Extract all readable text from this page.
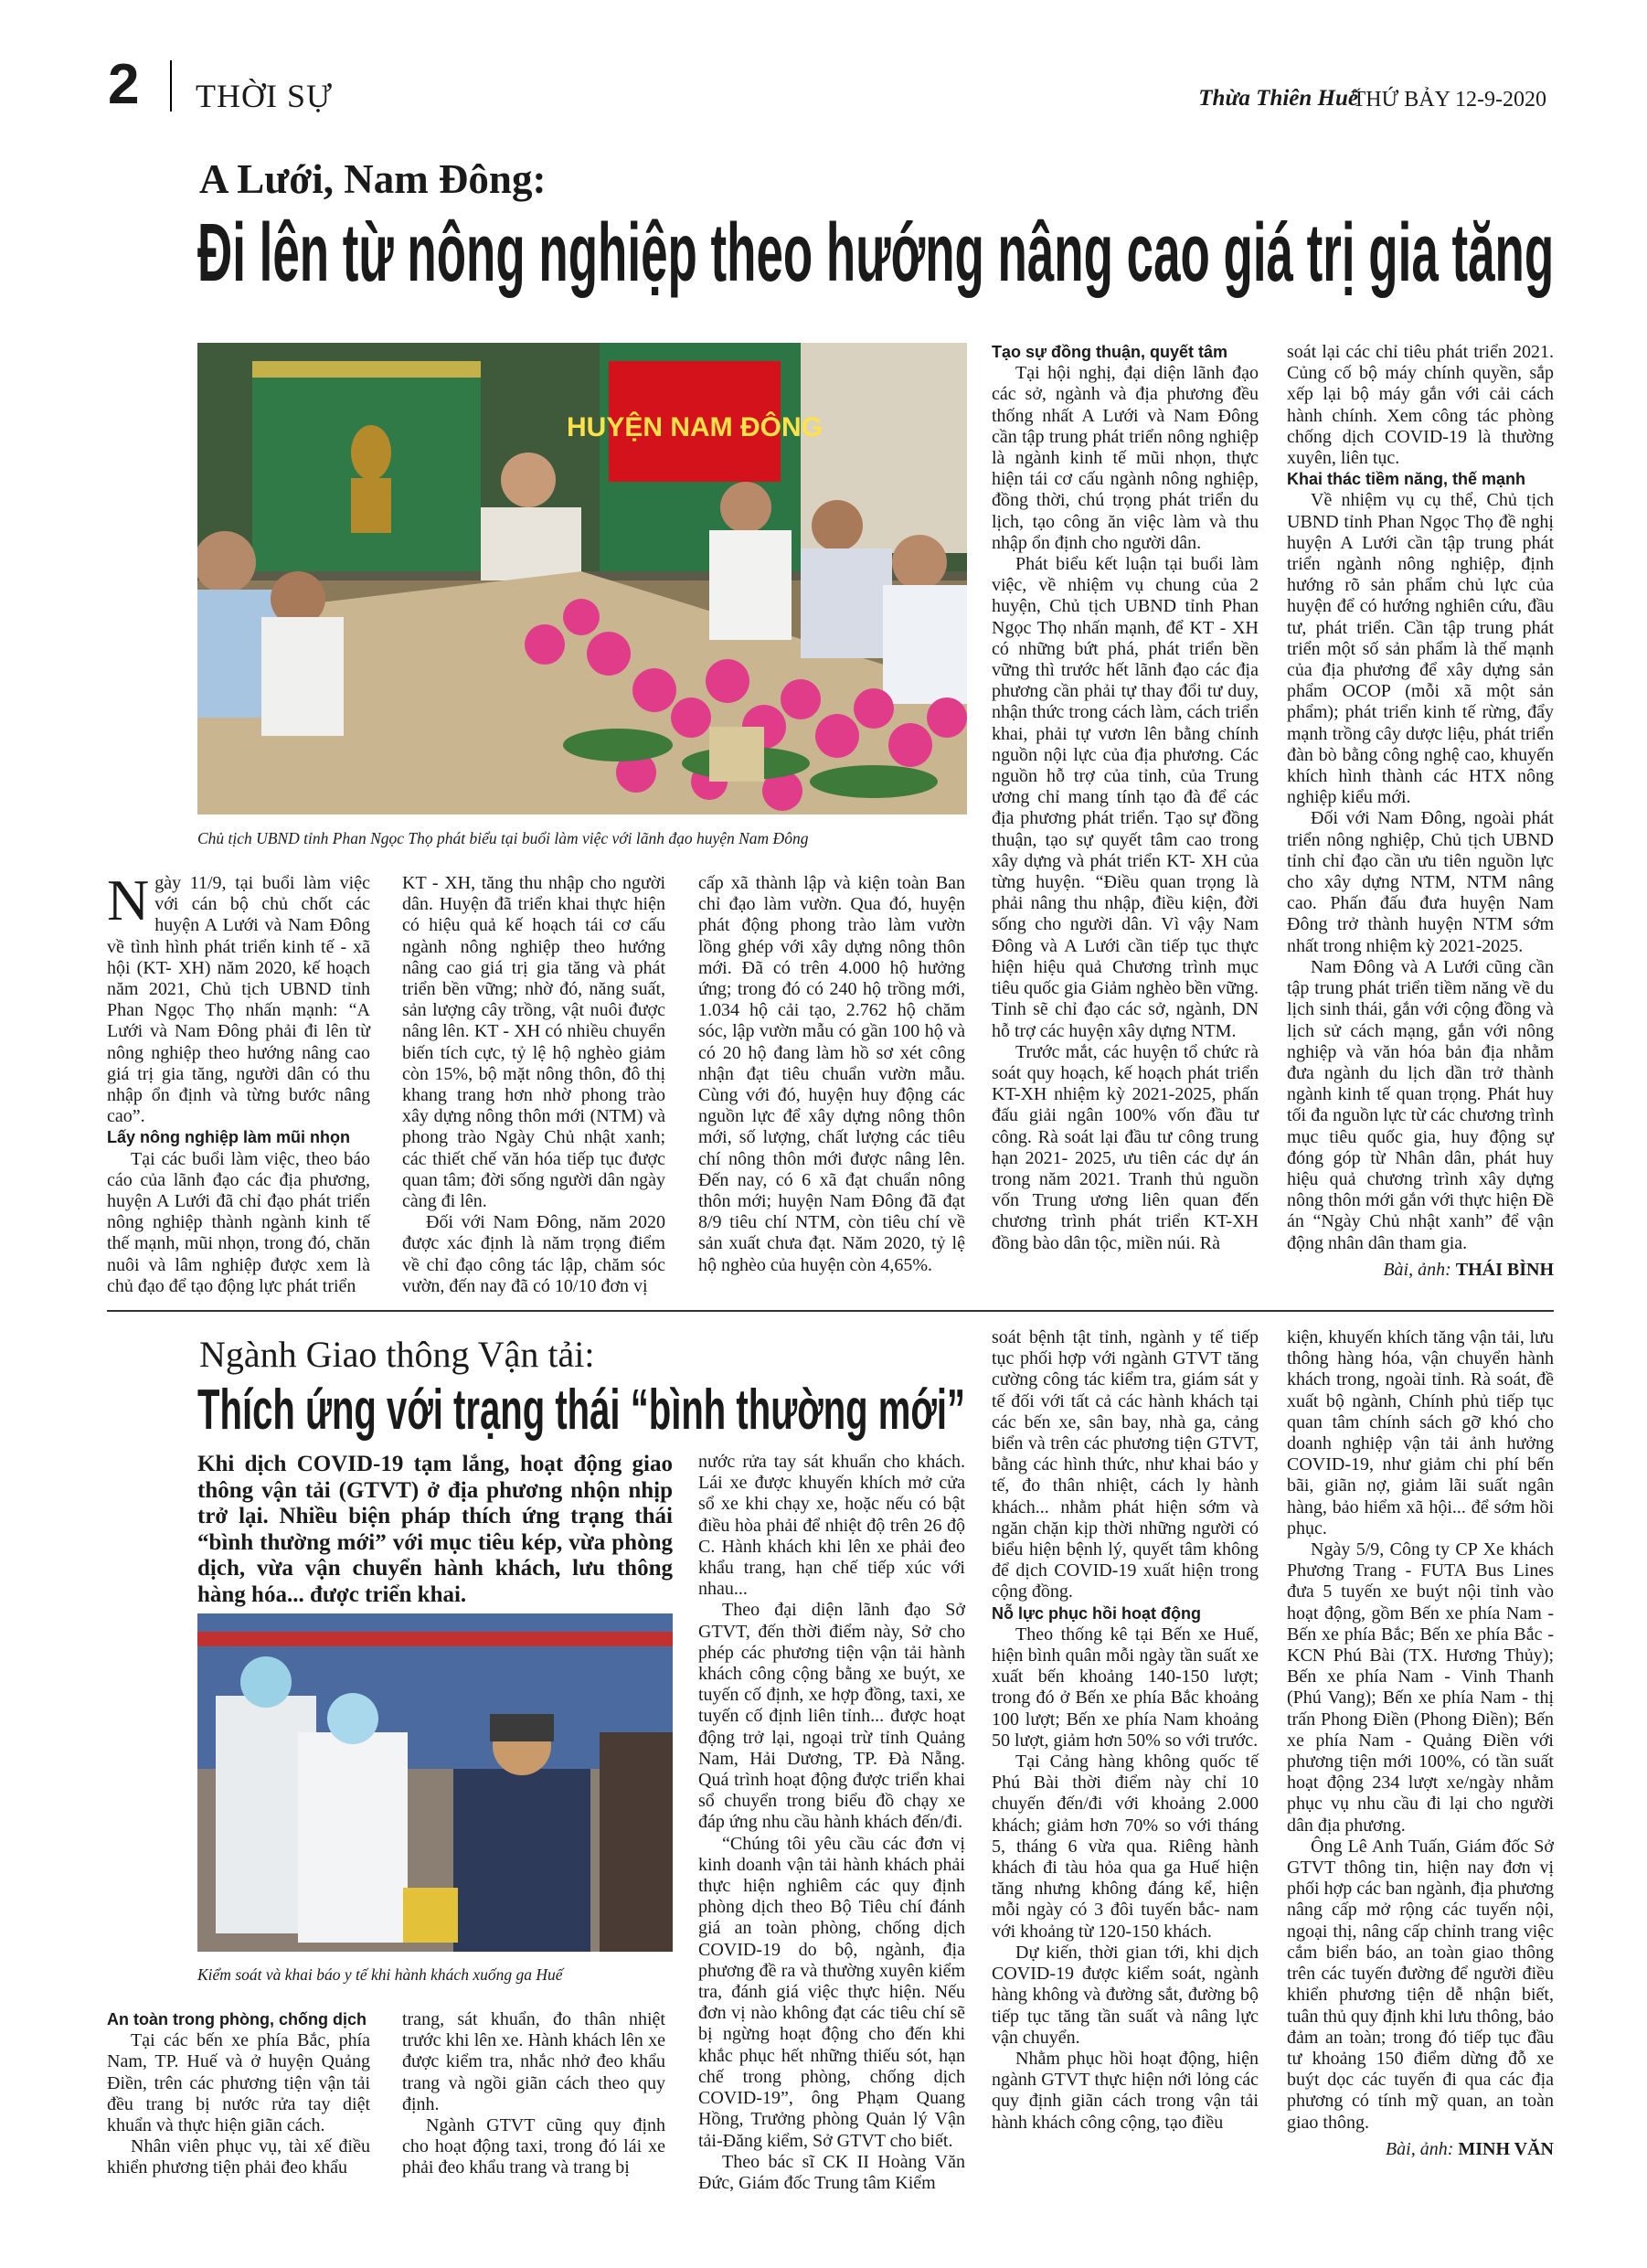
2 THỜI SỰ	Thừa Thiên Huế
THỨ BẢY 12-9-2020
A Lưới, Nam Đông:
Đi lên từ nông nghiệp theo hướng nâng cao giá trị gia tăng
HUYỆN NAM ĐÔNG
Chủ tịch UBND tỉnh Phan Ngọc Thọ phát biểu tại buổi làm việc với lãnh đạo huyện Nam Đông

Ngày 11/9, tại buổi làm việc với cán bộ chủ chốt các huyện A Lưới và Nam Đông về tình hình phát triển kinh tế - xã hội (KT- XH) năm 2020, kế hoạch năm 2021, Chủ tịch UBND tỉnh Phan Ngọc Thọ nhấn mạnh: “A Lưới và Nam Đông phải đi lên từ nông nghiệp theo hướng nâng cao giá trị gia tăng, người dân có thu nhập ổn định và từng bước nâng cao”.

Lấy nông nghiệp làm mũi nhọn

Tại các buổi làm việc, theo báo cáo của lãnh đạo các địa phương, huyện A Lưới đã chỉ đạo phát triển nông nghiệp thành ngành kinh tế thế mạnh, mũi nhọn, trong đó, chăn nuôi và lâm nghiệp được xem là chủ đạo để tạo động lực phát triển

KT - XH, tăng thu nhập cho người dân. Huyện đã triển khai thực hiện có hiệu quả kế hoạch tái cơ cấu ngành nông nghiệp theo hướng nâng cao giá trị gia tăng và phát triển bền vững; nhờ đó, năng suất, sản lượng cây trồng, vật nuôi được nâng lên. KT - XH có nhiều chuyển biến tích cực, tỷ lệ hộ nghèo giảm còn 15%, bộ mặt nông thôn, đô thị khang trang hơn nhờ phong trào xây dựng nông thôn mới (NTM) và phong trào Ngày Chủ nhật xanh; các thiết chế văn hóa tiếp tục được quan tâm; đời sống người dân ngày càng đi lên.

Đối với Nam Đông, năm 2020 được xác định là năm trọng điểm về chỉ đạo công tác lập, chăm sóc vườn, đến nay đã có 10/10 đơn vị

cấp xã thành lập và kiện toàn Ban chỉ đạo làm vườn. Qua đó, huyện phát động phong trào làm vườn lồng ghép với xây dựng nông thôn mới. Đã có trên 4.000 hộ hưởng ứng; trong đó có 240 hộ trồng mới, 1.034 hộ cải tạo, 2.762 hộ chăm sóc, lập vườn mẫu có gần 100 hộ và có 20 hộ đang làm hồ sơ xét công nhận đạt tiêu chuẩn vườn mẫu. Cùng với đó, huyện huy động các nguồn lực để xây dựng nông thôn mới, số lượng, chất lượng các tiêu chí nông thôn mới được nâng lên. Đến nay, có 6 xã đạt chuẩn nông thôn mới; huyện Nam Đông đã đạt 8/9 tiêu chí NTM, còn tiêu chí về sản xuất chưa đạt. Năm 2020, tỷ lệ hộ nghèo của huyện còn 4,65%.

Tạo sự đồng thuận, quyết tâm

Tại hội nghị, đại diện lãnh đạo các sở, ngành và địa phương đều thống nhất A Lưới và Nam Đông cần tập trung phát triển nông nghiệp là ngành kinh tế mũi nhọn, thực hiện tái cơ cấu ngành nông nghiệp, đồng thời, chú trọng phát triển du lịch, tạo công ăn việc làm và thu nhập ổn định cho người dân.

Phát biểu kết luận tại buổi làm việc, về nhiệm vụ chung của 2 huyện, Chủ tịch UBND tỉnh Phan Ngọc Thọ nhấn mạnh, để KT - XH có những bứt phá, phát triển bền vững thì trước hết lãnh đạo các địa phương cần phải tự thay đổi tư duy, nhận thức trong cách làm, cách triển khai, phải tự vươn lên bằng chính nguồn nội lực của địa phương. Các nguồn hỗ trợ của tỉnh, của Trung ương chỉ mang tính tạo đà để các địa phương phát triển. Tạo sự đồng thuận, tạo sự quyết tâm cao trong xây dựng và phát triển KT- XH của từng huyện. “Điều quan trọng là phải nâng thu nhập, điều kiện, đời sống cho người dân. Vì vậy Nam Đông và A Lưới cần tiếp tục thực hiện hiệu quả Chương trình mục tiêu quốc gia Giảm nghèo bền vững. Tỉnh sẽ chỉ đạo các sở, ngành, DN hỗ trợ các huyện xây dựng NTM.

Trước mắt, các huyện tổ chức rà soát quy hoạch, kế hoạch phát triển KT-XH nhiệm kỳ 2021-2025, phấn đấu giải ngân 100% vốn đầu tư công. Rà soát lại đầu tư công trung hạn 2021- 2025, ưu tiên các dự án trong năm 2021. Tranh thủ nguồn vốn Trung ương liên quan đến chương trình phát triển KT-XH đồng bào dân tộc, miền núi. Rà

soát lại các chỉ tiêu phát triển 2021. Củng cố bộ máy chính quyền, sắp xếp lại bộ máy gắn với cải cách hành chính. Xem công tác phòng chống dịch COVID-19 là thường xuyên, liên tục.

Khai thác tiềm năng, thế mạnh

Về nhiệm vụ cụ thể, Chủ tịch UBND tỉnh Phan Ngọc Thọ đề nghị huyện A Lưới cần tập trung phát triển ngành nông nghiệp, định hướng rõ sản phẩm chủ lực của huyện để có hướng nghiên cứu, đầu tư, phát triển. Cần tập trung phát triển một số sản phẩm là thế mạnh của địa phương để xây dựng sản phẩm OCOP (mỗi xã một sản phẩm); phát triển kinh tế rừng, đẩy mạnh trồng cây dược liệu, phát triển đàn bò bằng công nghệ cao, khuyến khích hình thành các HTX nông nghiệp kiểu mới.

Đối với Nam Đông, ngoài phát triển nông nghiệp, Chủ tịch UBND tỉnh chỉ đạo cần ưu tiên nguồn lực cho xây dựng NTM, NTM nâng cao. Phấn đấu đưa huyện Nam Đông trở thành huyện NTM sớm nhất trong nhiệm kỳ 2021-2025.

Nam Đông và A Lưới cũng cần tập trung phát triển tiềm năng về du lịch sinh thái, gắn với cộng đồng và lịch sử cách mạng, gắn với nông nghiệp và văn hóa bản địa nhằm đưa ngành du lịch dần trở thành ngành kinh tế quan trọng. Phát huy tối đa nguồn lực từ các chương trình mục tiêu quốc gia, huy động sự đóng góp từ Nhân dân, phát huy hiệu quả chương trình xây dựng nông thôn mới gắn với thực hiện Đề án “Ngày Chủ nhật xanh” để vận động nhân dân tham gia.

Bài, ảnh: THÁI BÌNH
Ngành Giao thông Vận tải:
Thích ứng với trạng thái “bình thường mới”
Khi dịch COVID-19 tạm lắng, hoạt động giao thông vận tải (GTVT) ở địa phương nhộn nhịp trở lại. Nhiều biện pháp thích ứng trạng thái “bình thường mới” với mục tiêu kép, vừa phòng dịch, vừa vận chuyển hành khách, lưu thông hàng hóa... được triển khai.
Kiểm soát và khai báo y tế khi hành khách xuống ga Huế

An toàn trong phòng, chống dịch

Tại các bến xe phía Bắc, phía Nam, TP. Huế và ở huyện Quảng Điền, trên các phương tiện vận tải đều trang bị nước rửa tay diệt khuẩn và thực hiện giãn cách.

Nhân viên phục vụ, tài xế điều khiển phương tiện phải đeo khẩu

trang, sát khuẩn, đo thân nhiệt trước khi lên xe. Hành khách lên xe được kiểm tra, nhắc nhở đeo khẩu trang và ngồi giãn cách theo quy định.

Ngành GTVT cũng quy định cho hoạt động taxi, trong đó lái xe phải đeo khẩu trang và trang bị

nước rửa tay sát khuẩn cho khách. Lái xe được khuyến khích mở cửa sổ xe khi chạy xe, hoặc nếu có bật điều hòa phải để nhiệt độ trên 26 độ C. Hành khách khi lên xe phải đeo khẩu trang, hạn chế tiếp xúc với nhau...

Theo đại diện lãnh đạo Sở GTVT, đến thời điểm này, Sở cho phép các phương tiện vận tải hành khách công cộng bằng xe buýt, xe tuyến cố định, xe hợp đồng, taxi, xe tuyến cố định liên tỉnh... được hoạt động trở lại, ngoại trừ tỉnh Quảng Nam, Hải Dương, TP. Đà Nẵng. Quá trình hoạt động được triển khai sổ chuyển trong biểu đồ chạy xe đáp ứng nhu cầu hành khách đến/đi.

“Chúng tôi yêu cầu các đơn vị kinh doanh vận tải hành khách phải thực hiện nghiêm các quy định phòng dịch theo Bộ Tiêu chí đánh giá an toàn phòng, chống dịch COVID-19 do bộ, ngành, địa phương đề ra và thường xuyên kiểm tra, đánh giá việc thực hiện. Nếu đơn vị nào không đạt các tiêu chí sẽ bị ngừng hoạt động cho đến khi khắc phục hết những thiếu sót, hạn chế trong phòng, chống dịch COVID-19”, ông Phạm Quang Hồng, Trưởng phòng Quản lý Vận tải-Đăng kiểm, Sở GTVT cho biết.

Theo bác sĩ CK II Hoàng Văn Đức, Giám đốc Trung tâm Kiểm

soát bệnh tật tỉnh, ngành y tế tiếp tục phối hợp với ngành GTVT tăng cường công tác kiểm tra, giám sát y tế đối với tất cả các hành khách tại các bến xe, sân bay, nhà ga, cảng biển và trên các phương tiện GTVT, bằng các hình thức, như khai báo y tế, đo thân nhiệt, cách ly hành khách... nhằm phát hiện sớm và ngăn chặn kịp thời những người có biểu hiện bệnh lý, quyết tâm không để dịch COVID-19 xuất hiện trong cộng đồng.

Nỗ lực phục hồi hoạt động

Theo thống kê tại Bến xe Huế, hiện bình quân mỗi ngày tần suất xe xuất bến khoảng 140-150 lượt; trong đó ở Bến xe phía Bắc khoảng 100 lượt; Bến xe phía Nam khoảng 50 lượt, giảm hơn 50% so với trước.

Tại Cảng hàng không quốc tế Phú Bài thời điểm này chỉ 10 chuyến đến/đi với khoảng 2.000 khách; giảm hơn 70% so với tháng 5, tháng 6 vừa qua. Riêng hành khách đi tàu hỏa qua ga Huế hiện tăng nhưng không đáng kể, hiện mỗi ngày có 3 đôi tuyến bắc- nam với khoảng từ 120-150 khách.

Dự kiến, thời gian tới, khi dịch COVID-19 được kiểm soát, ngành hàng không và đường sắt, đường bộ tiếp tục tăng tần suất và nâng lực vận chuyển.

Nhằm phục hồi hoạt động, hiện ngành GTVT thực hiện nới lỏng các quy định giãn cách trong vận tải hành khách công cộng, tạo điều

kiện, khuyến khích tăng vận tải, lưu thông hàng hóa, vận chuyển hành khách trong, ngoài tỉnh. Rà soát, đề xuất bộ ngành, Chính phủ tiếp tục quan tâm chính sách gỡ khó cho doanh nghiệp vận tải ảnh hưởng COVID-19, như giảm chi phí bến bãi, giãn nợ, giảm lãi suất ngân hàng, bảo hiểm xã hội... để sớm hồi phục.

Ngày 5/9, Công ty CP Xe khách Phương Trang - FUTA Bus Lines đưa 5 tuyến xe buýt nội tỉnh vào hoạt động, gồm Bến xe phía Nam - Bến xe phía Bắc; Bến xe phía Bắc - KCN Phú Bài (TX. Hương Thủy); Bến xe phía Nam - Vinh Thanh (Phú Vang); Bến xe phía Nam - thị trấn Phong Điền (Phong Điền); Bến xe phía Nam - Quảng Điền với phương tiện mới 100%, có tần suất hoạt động 234 lượt xe/ngày nhằm phục vụ nhu cầu đi lại cho người dân địa phương.

Ông Lê Anh Tuấn, Giám đốc Sở GTVT thông tin, hiện nay đơn vị phối hợp các ban ngành, địa phương nâng cấp mở rộng các tuyến nội, ngoại thị, nâng cấp chỉnh trang việc cắm biển báo, an toàn giao thông trên các tuyến đường để người điều khiển phương tiện dễ nhận biết, tuân thủ quy định khi lưu thông, bảo đảm an toàn; trong đó tiếp tục đầu tư khoảng 150 điểm dừng đỗ xe buýt dọc các tuyến đi qua các địa phương có tính mỹ quan, an toàn giao thông.

Bài, ảnh: MINH VĂN
